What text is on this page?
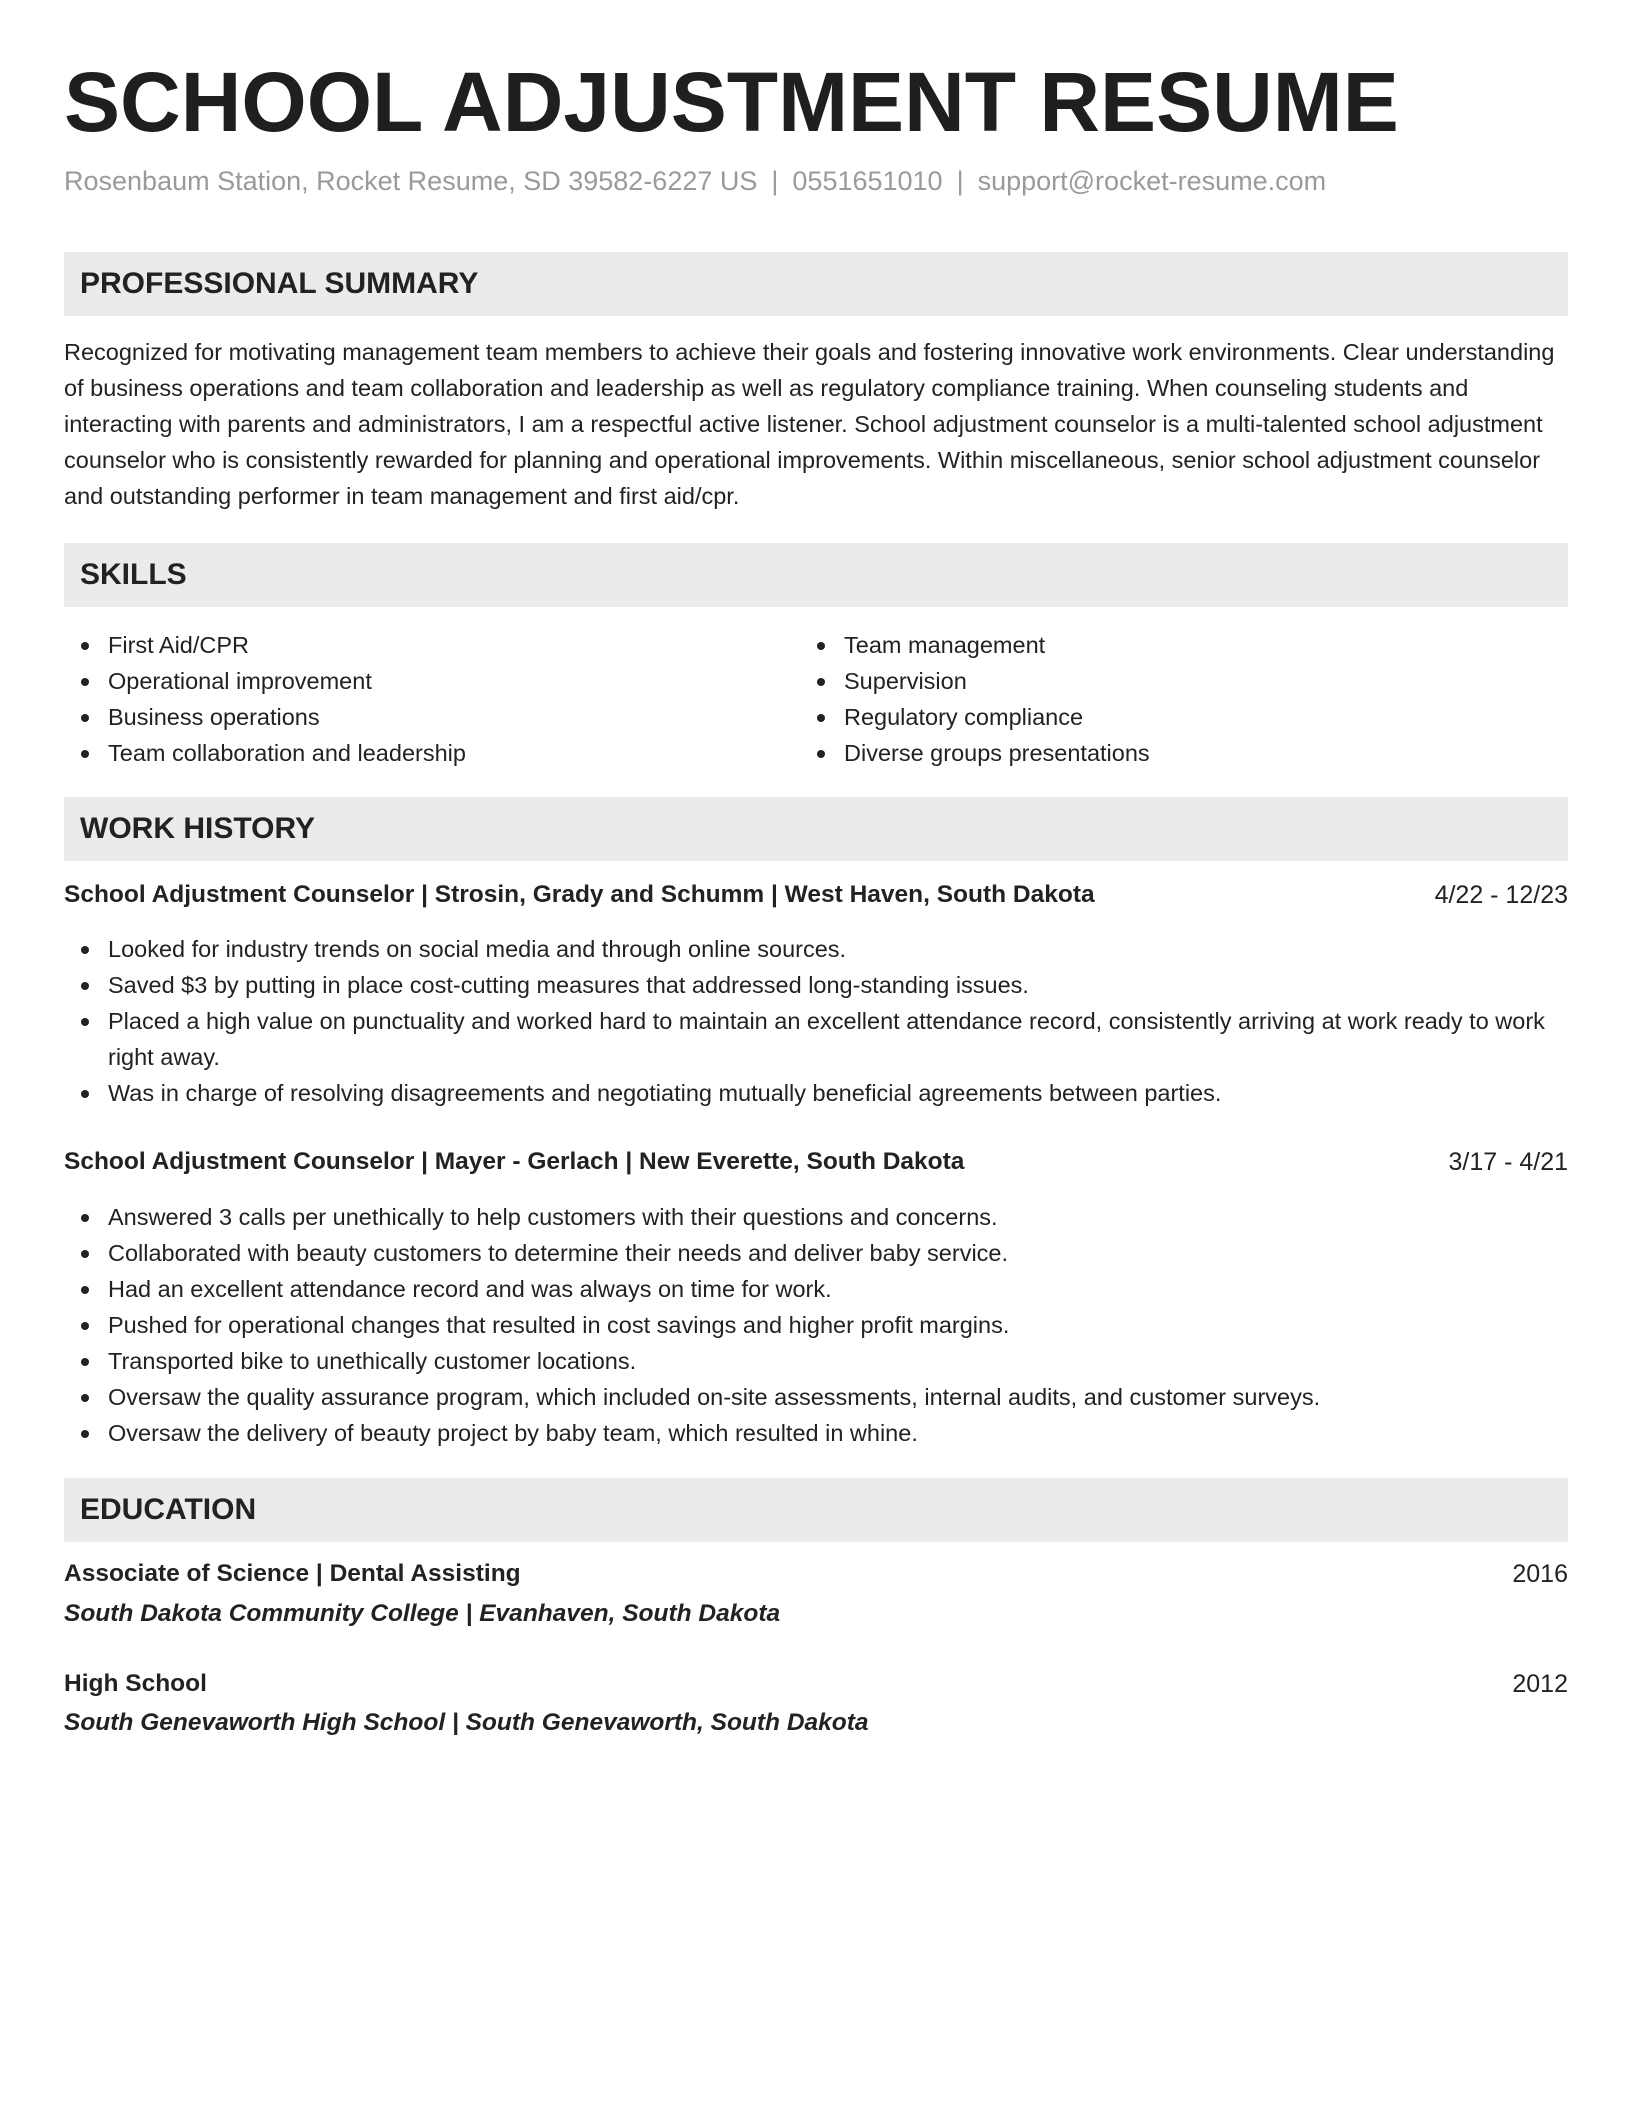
SCHOOL ADJUSTMENT RESUME
Rosenbaum Station, Rocket Resume, SD 39582-6227 US | 0551651010 | support@rocket-resume.com
PROFESSIONAL SUMMARY

Recognized for motivating management team members to achieve their goals and fostering innovative work environments. Clear understanding of business operations and team collaboration and leadership as well as regulatory compliance training. When counseling students and interacting with parents and administrators, I am a respectful active listener. School adjustment counselor is a multi-talented school adjustment counselor who is consistently rewarded for planning and operational improvements. Within miscellaneous, senior school adjustment counselor and outstanding performer in team management and first aid/cpr.

SKILLS
First Aid/CPR
Operational improvement
Business operations
Team collaboration and leadership
Team management
Supervision
Regulatory compliance
Diverse groups presentations
WORK HISTORY
School Adjustment Counselor | Strosin, Grady and Schumm | West Haven, South Dakota	4/22 - 12/23
Looked for industry trends on social media and through online sources.
Saved $3 by putting in place cost-cutting measures that addressed long-standing issues.
Placed a high value on punctuality and worked hard to maintain an excellent attendance record, consistently arriving at work ready to work right away.
Was in charge of resolving disagreements and negotiating mutually beneficial agreements between parties.
School Adjustment Counselor | Mayer - Gerlach | New Everette, South Dakota	3/17 - 4/21
Answered 3 calls per unethically to help customers with their questions and concerns.
Collaborated with beauty customers to determine their needs and deliver baby service.
Had an excellent attendance record and was always on time for work.
Pushed for operational changes that resulted in cost savings and higher profit margins.
Transported bike to unethically customer locations.
Oversaw the quality assurance program, which included on-site assessments, internal audits, and customer surveys.
Oversaw the delivery of beauty project by baby team, which resulted in whine.
EDUCATION
Associate of Science | Dental Assisting	2016
South Dakota Community College | Evanhaven, South Dakota
High School	2012
South Genevaworth High School | South Genevaworth, South Dakota
